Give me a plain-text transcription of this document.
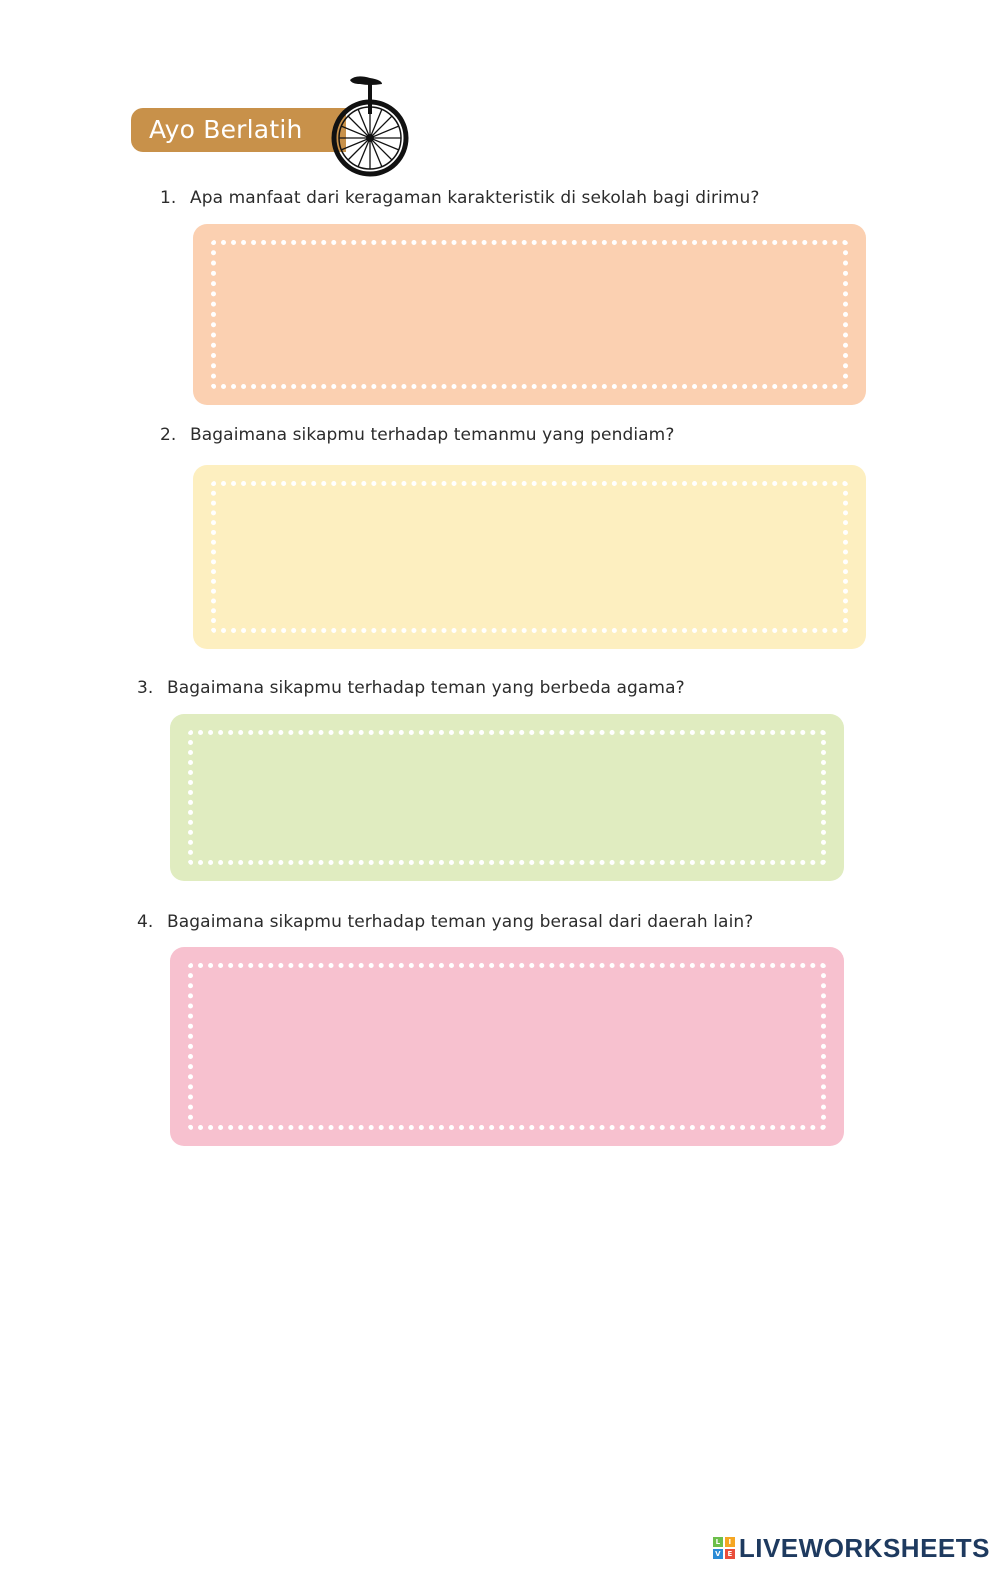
Ayo Berlatih
1. Apa manfaat dari keragaman karakteristik di sekolah bagi dirimu?
2. Bagaimana sikapmu terhadap temanmu yang pendiam?
3. Bagaimana sikapmu terhadap teman yang berbeda agama?
4. Bagaimana sikapmu terhadap teman yang berasal dari daerah lain?
L	I
V E LIVEWORKSHEETS
